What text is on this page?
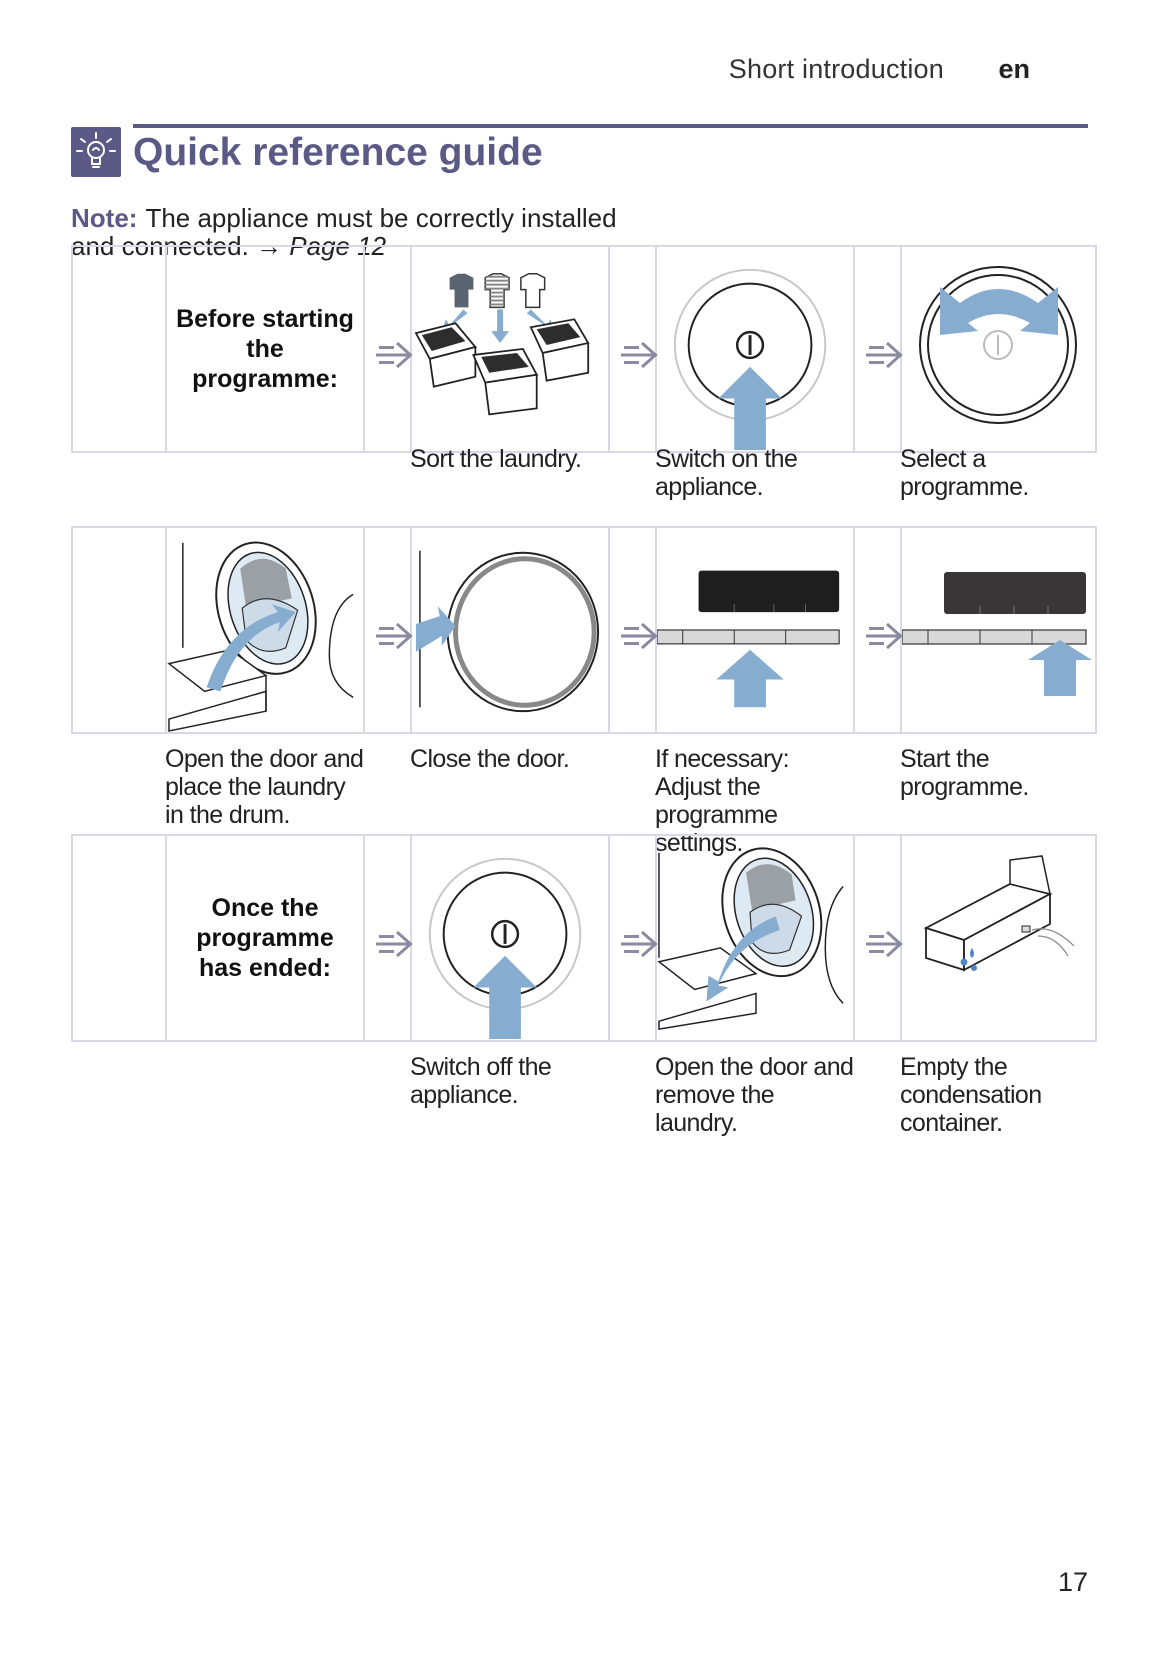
Short introduction en
Quick reference guide
Note: The appliance must be correctly installed and connected. → Page 12
Before starting the programme:
Sort the laundry.	Switch on the appliance.
Select a programme.
Open the door and place the laundry in the drum.
Close the door.	If necessary: Adjust the programme settings.
Start the programme.
Once the programme has ended:
Switch off the appliance.
Open the door and remove the laundry.
Empty the condensation container.
17
